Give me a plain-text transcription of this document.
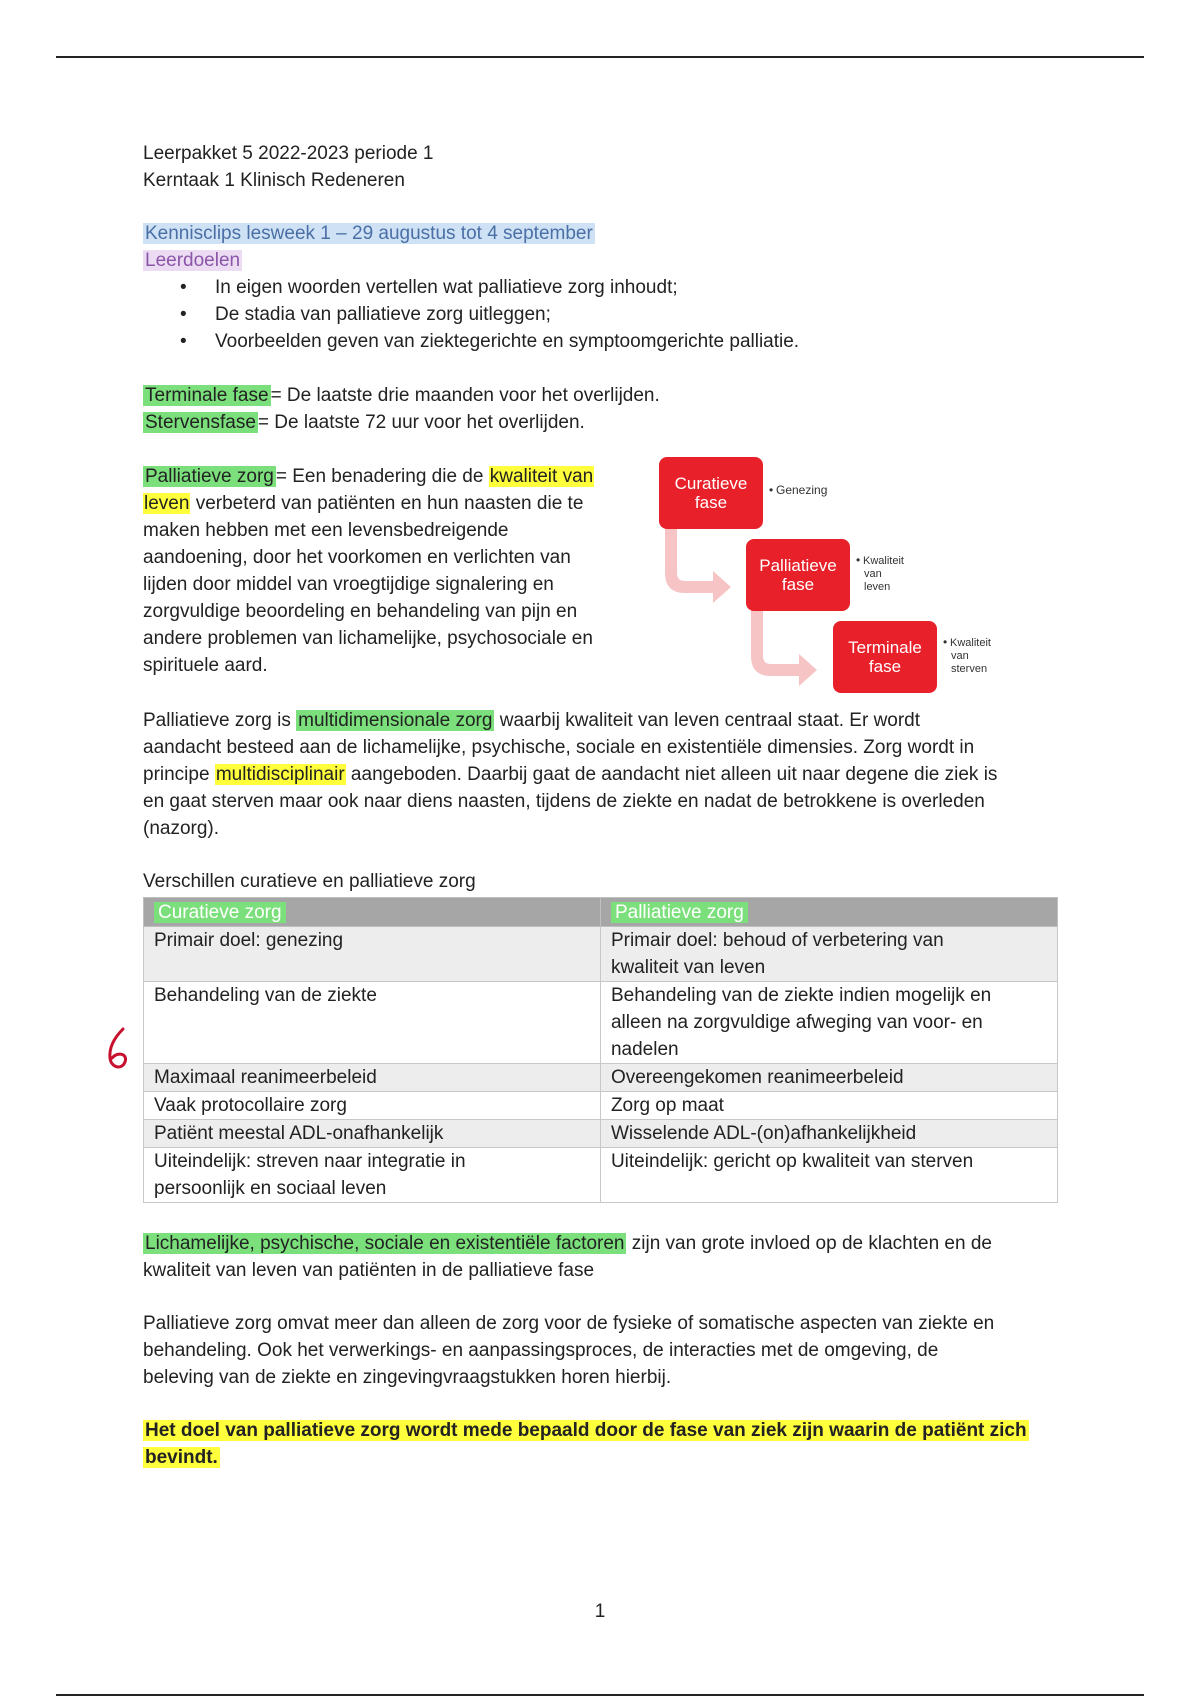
Leerpakket 5 2022-2023 periode 1
Kerntaak 1 Klinisch Redeneren
Kennisclips lesweek 1 – 29 augustus tot 4 september
Leerdoelen
• In eigen woorden vertellen wat palliatieve zorg inhoudt;
• De stadia van palliatieve zorg uitleggen;
• Voorbeelden geven van ziektegerichte en symptoomgerichte palliatie.
Terminale fase = De laatste drie maanden voor het overlijden.
Stervensfase = De laatste 72 uur voor het overlijden.
Palliatieve zorg = Een benadering die de kwaliteit van
leven verbeterd van patiënten en hun naasten die te
maken hebben met een levensbedreigende
aandoening, door het voorkomen en verlichten van
lijden door middel van vroegtijdige signalering en
zorgvuldige beoordeling en behandeling van pijn en
andere problemen van lichamelijke, psychosociale en
spirituele aard.
Curatieve
fase
Palliatieve
fase
Terminale
fase
• Genezing
• Kwaliteit
van
leven
• Kwaliteit
van
sterven
Palliatieve zorg is multidimensionale zorg waarbij kwaliteit van leven centraal staat. Er wordt
aandacht besteed aan de lichamelijke, psychische, sociale en existentiële dimensies. Zorg wordt in
principe multidisciplinair aangeboden. Daarbij gaat de aandacht niet alleen uit naar degene die ziek is
en gaat sterven maar ook naar diens naasten, tijdens de ziekte en nadat de betrokkene is overleden
(nazorg).
Verschillen curatieve en palliatieve zorg
Curatieve zorg	Palliatieve zorg
Primair doel: genezing	Primair doel: behoud of verbetering van
kwaliteit van leven

Behandeling van de ziekte	Behandeling van de ziekte indien mogelijk en
alleen na zorgvuldige afweging van voor- en
nadelen

Maximaal reanimeerbeleid	Overeengekomen reanimeerbeleid
Vaak protocollaire zorg	Zorg op maat
Patiënt meestal ADL-onafhankelijk	Wisselende ADL-(on)afhankelijkheid

Uiteindelijk: streven naar integratie in
persoonlijk en sociaal leven	Uiteindelijk: gericht op kwaliteit van sterven
Lichamelijke, psychische, sociale en existentiële factoren zijn van grote invloed op de klachten en de
kwaliteit van leven van patiënten in de palliatieve fase
Palliatieve zorg omvat meer dan alleen de zorg voor de fysieke of somatische aspecten van ziekte en
behandeling. Ook het verwerkings- en aanpassingsproces, de interacties met de omgeving, de
beleving van de ziekte en zingevingvraagstukken horen hierbij.
Het doel van palliatieve zorg wordt mede bepaald door de fase van ziek zijn waarin de patiënt zich
bevindt.
1
